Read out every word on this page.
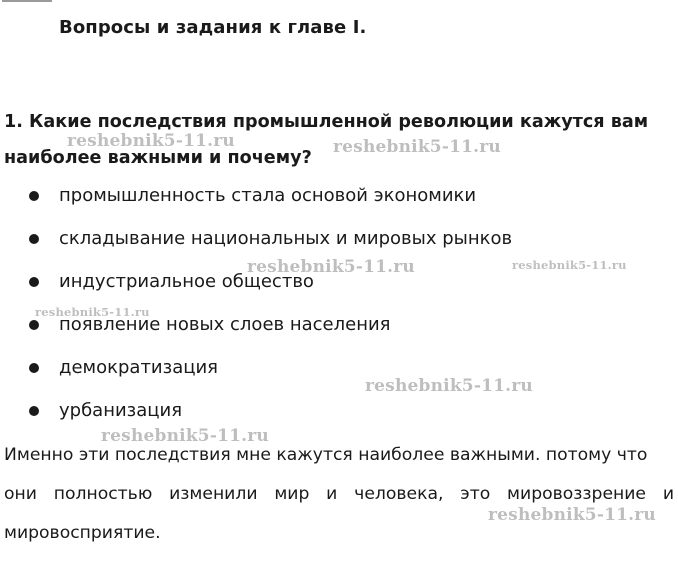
Вопросы и задания к главе I.
1. Какие последствия промышленной революции кажутся вам
наиболее важными и почему?
промышленность стала основой экономики
складывание национальных и мировых рынков
индустриальное общество
появление новых слоев населения
демократизация
урбанизация
Именно эти последствия мне кажутся наиболее важными. потому что
они полностью изменили мир и человека, это мировоззрение и
мировосприятие.
reshebnik5-11.ru	reshebnik5-11.ru
reshebnik5-11.ru	reshebnik5-11.ru
reshebnik5-11.ru
reshebnik5-11.ru
reshebnik5-11.ru
reshebnik5-11.ru
